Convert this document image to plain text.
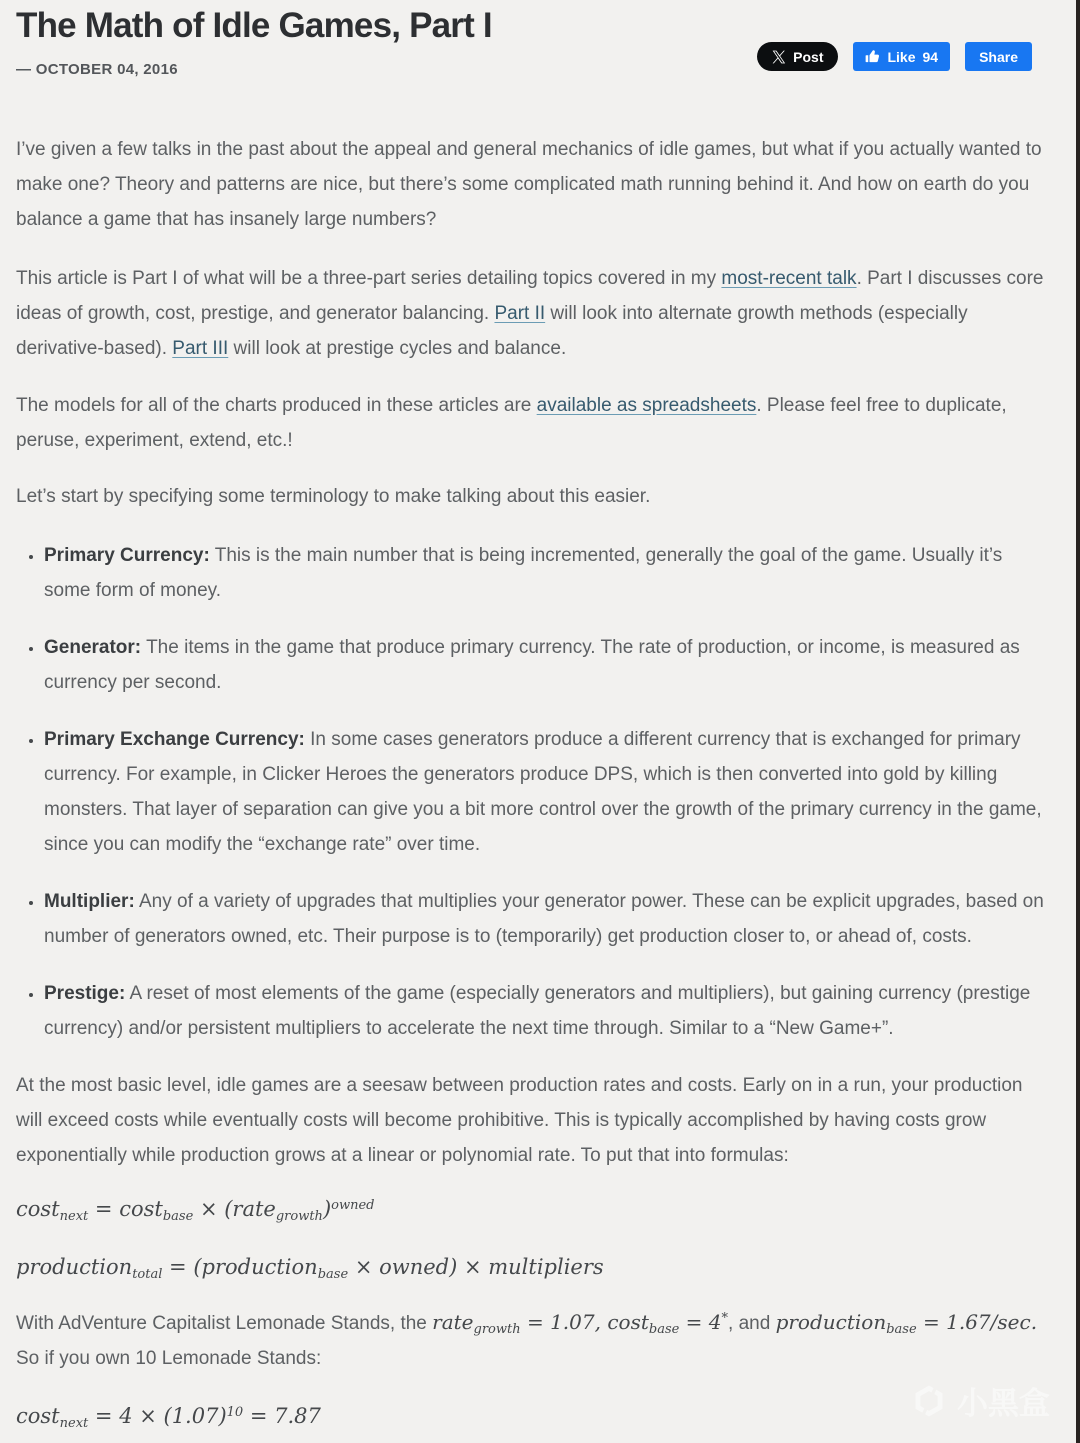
The Math of Idle Games, Part I
— OCTOBER 04, 2016
Post	Like 94	Share

I’ve given a few talks in the past about the appeal and general mechanics of idle games, but what if you actually wanted to make one? Theory and patterns are nice, but there’s some complicated math running behind it. And how on earth do you balance a game that has insanely large numbers?

This article is Part I of what will be a three-part series detailing topics covered in my most-recent talk. Part I discusses core ideas of growth, cost, prestige, and generator balancing. Part II will look into alternate growth methods (especially derivative-based). Part III will look at prestige cycles and balance.

The models for all of the charts produced in these articles are available as spreadsheets. Please feel free to duplicate, peruse, experiment, extend, etc.!

Let’s start by specifying some terminology to make talking about this easier.

• Primary Currency: This is the main number that is being incremented, generally the goal of the game. Usually it’s some form of money.
• Generator: The items in the game that produce primary currency. The rate of production, or income, is measured as currency per second.
• Primary Exchange Currency: In some cases generators produce a different currency that is exchanged for primary currency. For example, in Clicker Heroes the generators produce DPS, which is then converted into gold by killing monsters. That layer of separation can give you a bit more control over the growth of the primary currency in the game, since you can modify the “exchange rate” over time.
• Multiplier: Any of a variety of upgrades that multiplies your generator power. These can be explicit upgrades, based on number of generators owned, etc. Their purpose is to (temporarily) get production closer to, or ahead of, costs.
• Prestige: A reset of most elements of the game (especially generators and multipliers), but gaining currency (prestige currency) and/or persistent multipliers to accelerate the next time through. Similar to a “New Game+”.

At the most basic level, idle games are a seesaw between production rates and costs. Early on in a run, your production will exceed costs while eventually costs will become prohibitive. This is typically accomplished by having costs grow exponentially while production grows at a linear or polynomial rate. To put that into formulas:

cost$_{next}$ = cost$_{base}$ × (rate$_{growth}$)$^{owned}$
production$_{total}$ = (production$_{base}$ × owned) × multipliers

With AdVenture Capitalist Lemonade Stands, the rate$_{growth}$ = 1.07, cost$_{base}$ = 4*, and production$_{base}$ = 1.67/sec. So if you own 10 Lemonade Stands:

$\cos t_{next} = 4 \times (1.07)^{10} = 7.87$	小黑盒
